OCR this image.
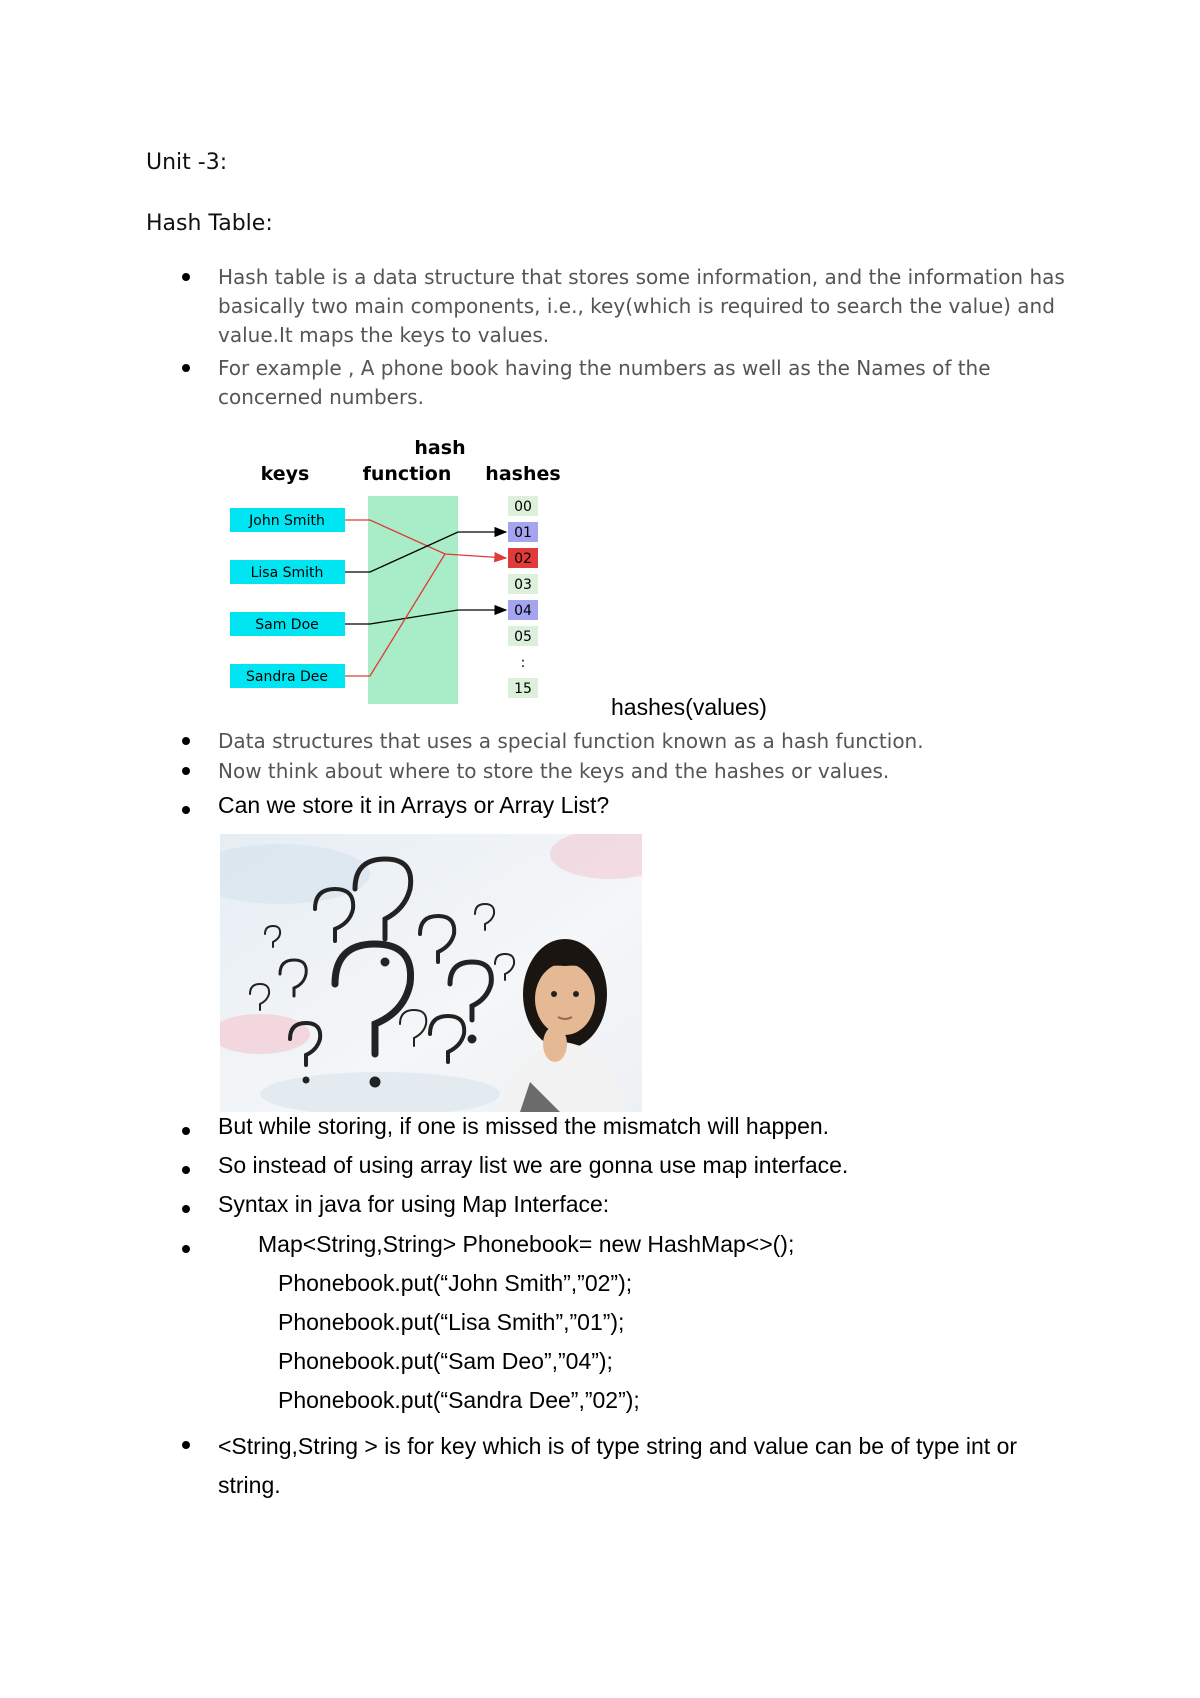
Unit -3:
Hash Table:
Hash table is a data structure that stores some information, and the information has basically two main components, i.e., key(which is required to search the value) and value.It maps the keys to values.
For example , A phone book having the numbers as well as the Names of the concerned numbers.
keys
hash
function hashes
John Smith
Lisa Smith
Sam Doe
Sandra Dee
00
01
02
03
04
05
:
15
hashes(values)
Data structures that uses a special function known as a hash function.
Now think about where to store the keys and the hashes or values.
Can we store it in Arrays or Array List?
But while storing, if one is missed the mismatch will happen.
So instead of using array list we are gonna use map interface.
Syntax in java for using Map Interface:
Map<String,String> Phonebook= new HashMap<>();
Phonebook.put(“John Smith”,”02”);
Phonebook.put(“Lisa Smith”,”01”);
Phonebook.put(“Sam Deo”,”04”);
Phonebook.put(“Sandra Dee”,”02”);
<String,String > is for key which is of type string and value can be of type int or string.
